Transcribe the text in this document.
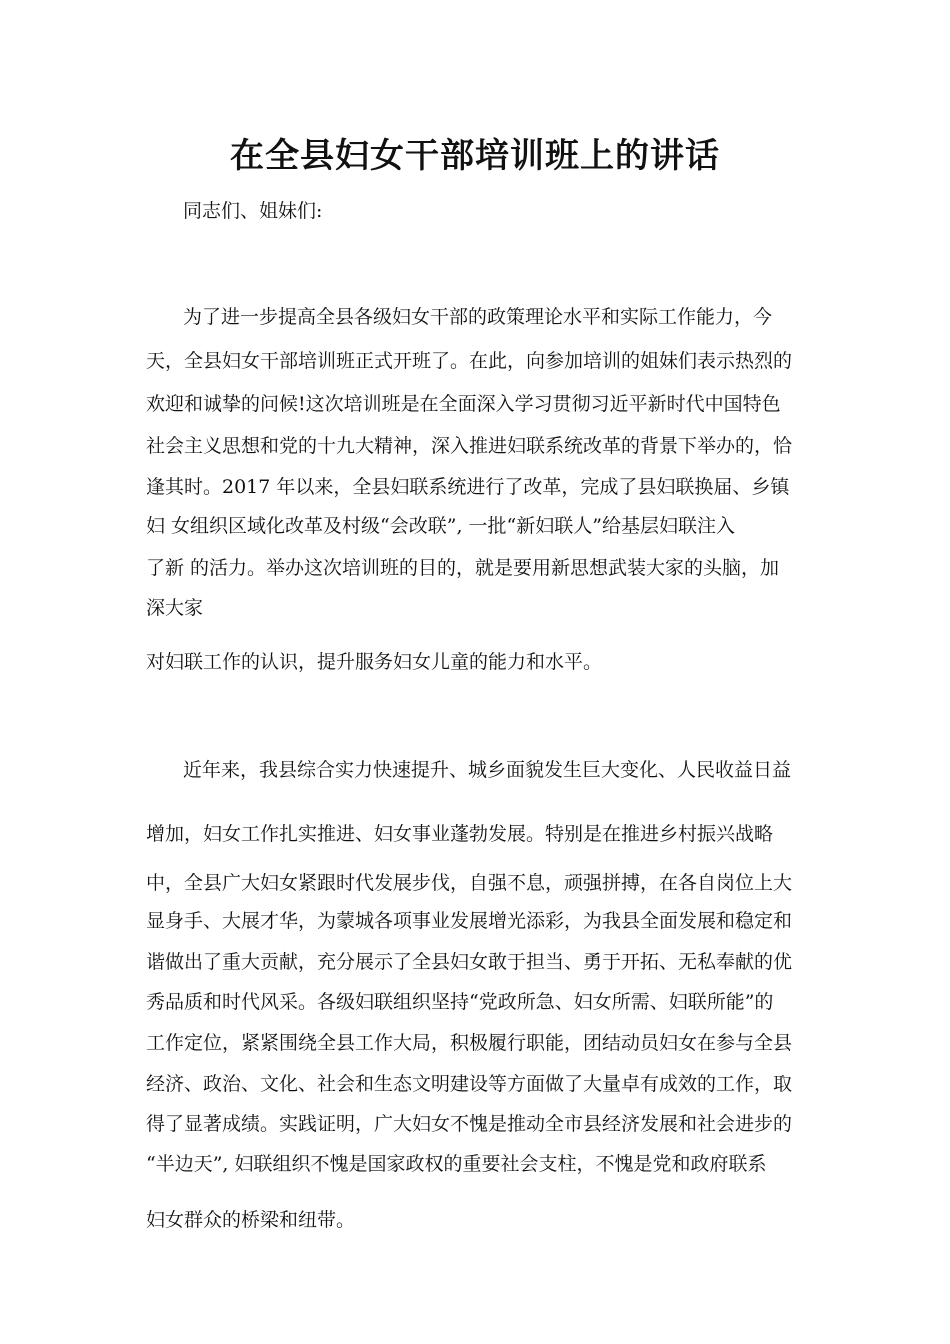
在全县妇女干部培训班上的讲话

同志们、姐妹们:

为了进一步提高全县各级妇女干部的政策理论水平和实际工作能力，今

天，全县妇女干部培训班正式开班了。在此，向参加培训的姐妹们表示热烈的

欢迎和诚挚的问候!这次培训班是在全面深入学习贯彻习近平新时代中国特色

社会主义思想和党的十九大精神，深入推进妇联系统改革的背景下举办的，恰

逢其时。2017 年以来，全县妇联系统进行了改革，完成了县妇联换届、乡镇

妇 女组织区域化改革及村级“会改联”, 一批“新妇联人”给基层妇联注入

了新 的活力。举办这次培训班的目的，就是要用新思想武装大家的头脑，加

深大家

对妇联工作的认识，提升服务妇女儿童的能力和水平。

近年来，我县综合实力快速提升、城乡面貌发生巨大变化、人民收益日益

增加，妇女工作扎实推进、妇女事业蓬勃发展。特别是在推进乡村振兴战略

中，全县广大妇女紧跟时代发展步伐，自强不息，顽强拼搏，在各自岗位上大

显身手、大展才华，为蒙城各项事业发展增光添彩，为我县全面发展和稳定和

谐做出了重大贡献，充分展示了全县妇女敢于担当、勇于开拓、无私奉献的优

秀品质和时代风采。各级妇联组织坚持“党政所急、妇女所需、妇联所能”的

工作定位，紧紧围绕全县工作大局，积极履行职能，团结动员妇女在参与全县

经济、政治、文化、社会和生态文明建设等方面做了大量卓有成效的工作，取

得了显著成绩。实践证明，广大妇女不愧是推动全市县经济发展和社会进步的

“半边天”, 妇联组织不愧是国家政权的重要社会支柱，不愧是党和政府联系

妇女群众的桥梁和纽带。
